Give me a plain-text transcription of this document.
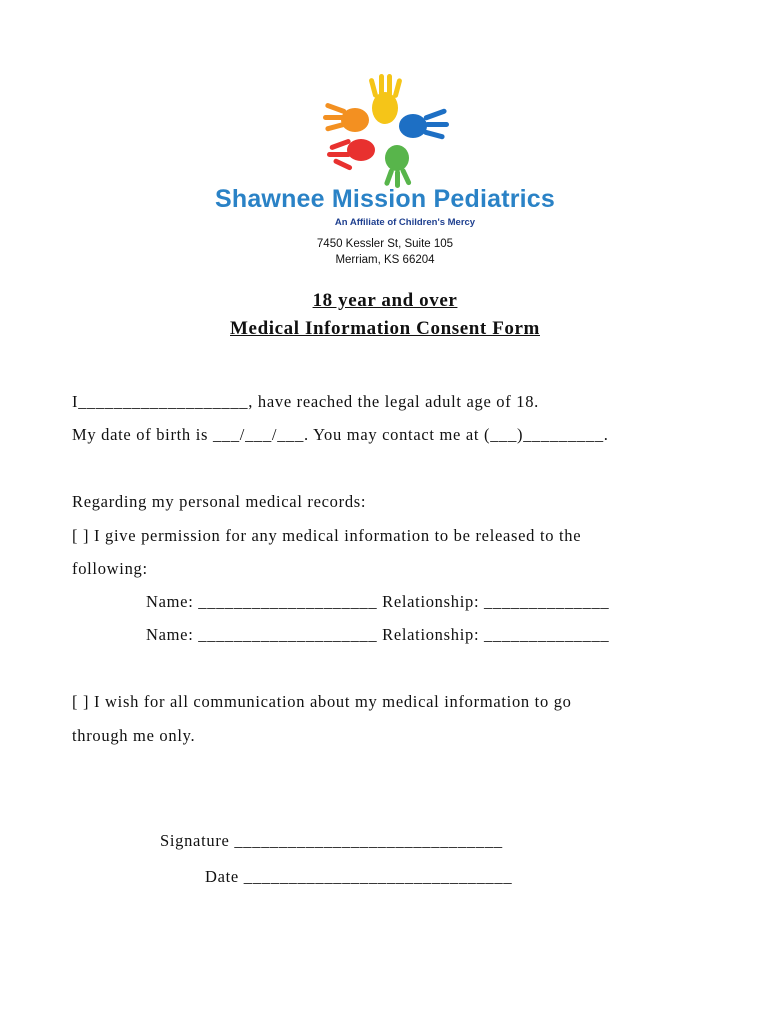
Shawnee Mission Pediatrics
An Affiliate of Children's Mercy
7450 Kessler St, Suite 105
Merriam, KS 66204
18 year and over
Medical Information Consent Form
I___________________, have reached the legal adult age of 18.
My date of birth is ___/___/___. You may contact me at (___)_________.
Regarding my personal medical records:
[ ] I give permission for any medical information to be released to the
following:
Name: ____________________ Relationship: ______________
Name: ____________________ Relationship: ______________
[ ] I wish for all communication about my medical information to go
through me only.
Signature ______________________________
Date ______________________________
